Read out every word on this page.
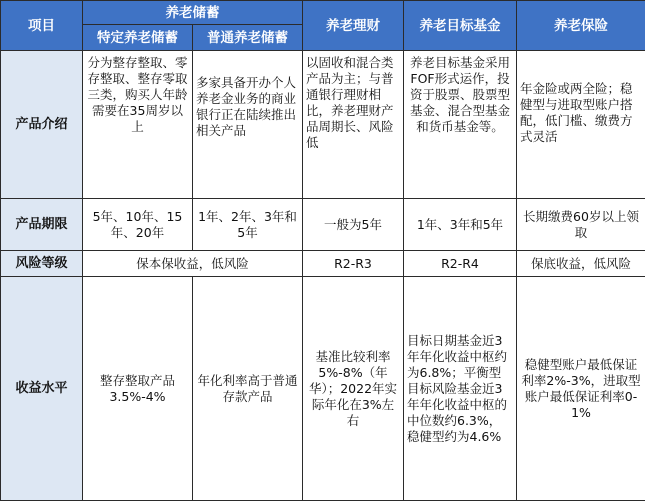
项目	养老储蓄		养老理财	养老目标基金	养老保险
	特定养老储蓄	普通养老储蓄			
产品介绍	分为整存整取、零存整取、整存零取三类，购买人年龄需要在35周岁以上	多家具备开办个人养老金业务的商业银行正在陆续推出相关产品	以固收和混合类产品为主；与普通银行理财相比，养老理财产品周期长、风险低	养老目标基金采用FOF形式运作，投资于股票、股票型基金、混合型基金和货币基金等。	年金险或两全险；稳健型与进取型账户搭配，低门槛、缴费方式灵活
产品期限	5年、10年、15年、20年	1年、2年、3年和5年	一般为5年	1年、3年和5年	长期缴费60岁以上领取
风险等级	保本保收益，低风险		R2-R3	R2-R4	保底收益，低风险
收益水平	整存整取产品3.5%-4%	年化利率高于普通存款产品	基准比较利率5%-8%（年华）；2022年实际年化在3%左右	目标日期基金近3年年化收益中枢约为6.8%；平衡型目标风险基金近3年年化收益中枢的中位数约6.3%，稳健型约为4.6%	稳健型账户最低保证利率2%-3%，进取型账户最低保证利率0-1%
